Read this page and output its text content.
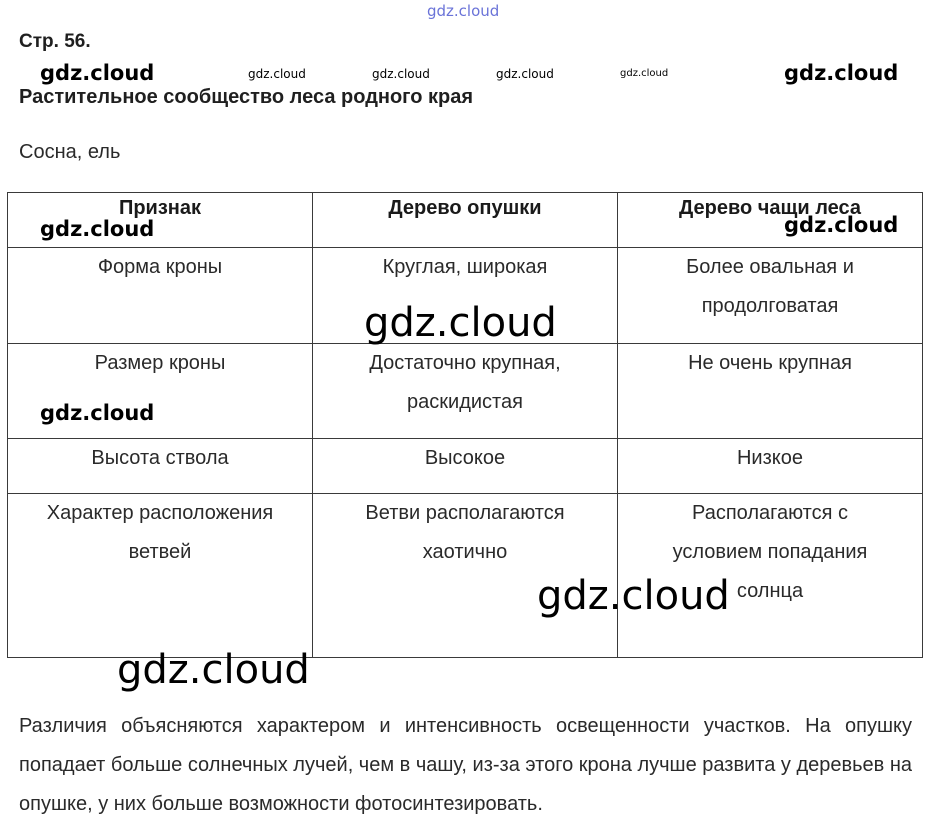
Стр. 56.
Растительное сообщество леса родного края
Сосна, ель
Признак	Дерево опушки	Дерево чащи леса
Форма кроны	Круглая, широкая	Более овальная и продолговатая
Размер кроны	Достаточно крупная, раскидистая	Не очень крупная
Высота ствола	Высокое	Низкое
Характер расположения ветвей	Ветви располагаются хаотично	Располагаются с условием попадания солнца
Различия объясняются характером и интенсивность освещенности участков. На опушку попадает больше солнечных лучей, чем в чашу, из-за этого крона лучше развита у деревьев на опушке, у них больше возможности фотосинтезировать.
gdz.cloud
gdz.cloud	gdz.cloud	gdz.cloud	gdz.cloud	gdz.cloud	gdz.cloud
gdz.cloud	gdz.cloud
gdz.cloud
gdz.cloud
gdz.cloud
gdz.cloud
